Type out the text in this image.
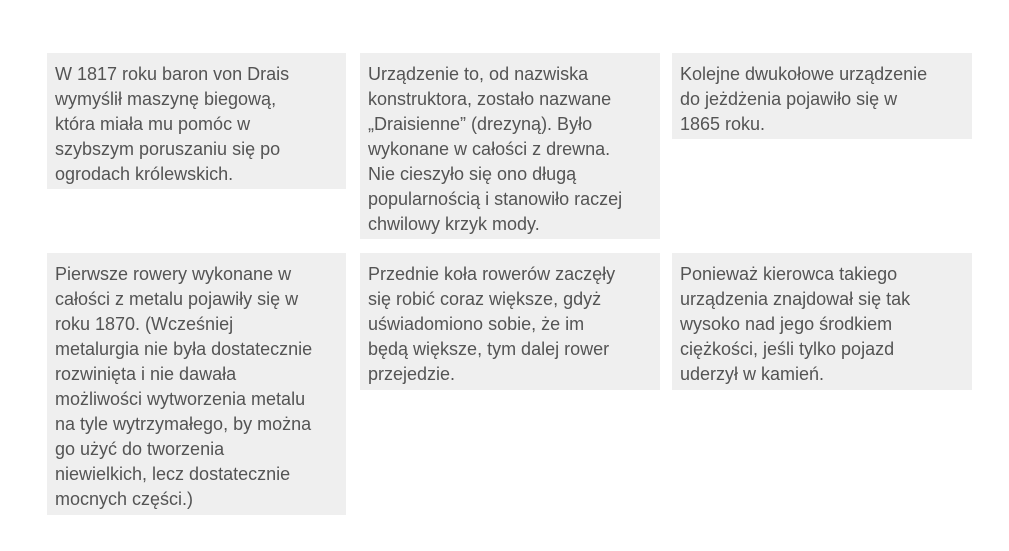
W 1817 roku baron von Drais
wymyślił maszynę biegową,
która miała mu pomóc w
szybszym poruszaniu się po
ogrodach królewskich.
Urządzenie to, od nazwiska
konstruktora, zostało nazwane
„Draisienne” (drezyną). Było
wykonane w całości z drewna.
Nie cieszyło się ono długą
popularnością i stanowiło raczej
chwilowy krzyk mody.
Kolejne dwukołowe urządzenie
do jeżdżenia pojawiło się w
1865 roku.
Pierwsze rowery wykonane w
całości z metalu pojawiły się w
roku 1870. (Wcześniej
metalurgia nie była dostatecznie
rozwinięta i nie dawała
możliwości wytworzenia metalu
na tyle wytrzymałego, by można
go użyć do tworzenia
niewielkich, lecz dostatecznie
mocnych części.)
Przednie koła rowerów zaczęły
się robić coraz większe, gdyż
uświadomiono sobie, że im
będą większe, tym dalej rower
przejedzie.
Ponieważ kierowca takiego
urządzenia znajdował się tak
wysoko nad jego środkiem
ciężkości, jeśli tylko pojazd
uderzył w kamień.
